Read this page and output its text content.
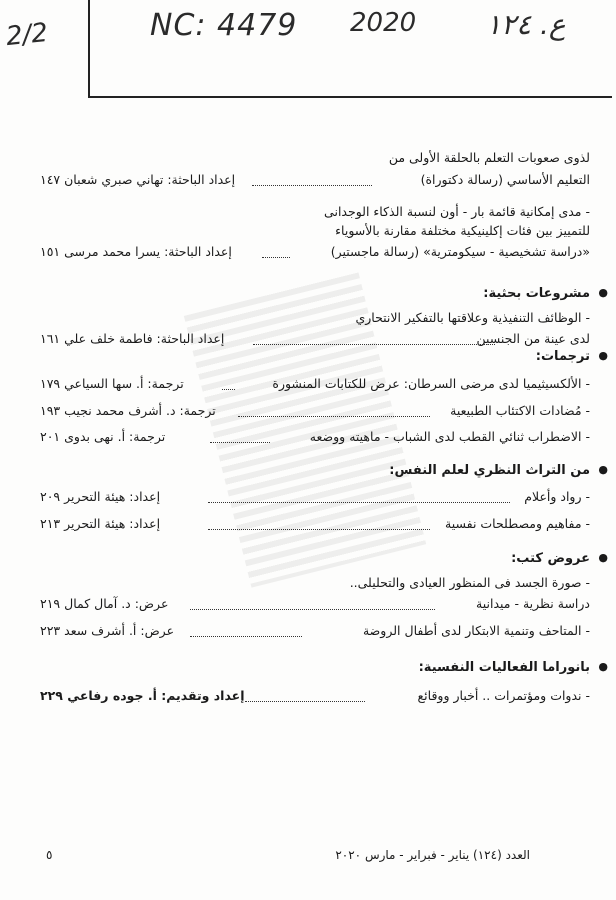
2/2	NC: 4479 2020 ع. ١٢٤
لذوى صعوبات التعلم بالحلقة الأولى من
التعليم الأساسي (رسالة دكتوراة)
إعداد الباحثة: تهاني صبري شعبان ١٤٧
- مدى إمكانية قائمة بار - أون لنسبة الذكاء الوجدانى
للتمييز بين فئات إكلينيكية مختلفة مقارنة بالأسوياء
«دراسة تشخيصية - سيكومترية» (رسالة ماجستير)
إعداد الباحثة: يسرا محمد مرسى ١٥١
●
مشروعات بحثية:
- الوظائف التنفيذية وعلاقتها بالتفكير الانتحاري
لدى عينة من الجنسين
إعداد الباحثة: فاطمة خلف علي ١٦١
●
ترجمات:
- الألكسيثيميا لدى مرضى السرطان: عرض للكتابات المنشورة
ترجمة: أ. سها السياعي ١٧٩
- مُضادات الاكتئاب الطبيعية
ترجمة: د. أشرف محمد نجيب ١٩٣
- الاضطراب ثنائي القطب لدى الشباب - ماهيته ووضعه
ترجمة: أ. نهى بدوى ٢٠١
●
من التراث النظري لعلم النفس:
- رواد وأعلام
إعداد: هيئة التحرير ٢٠٩
- مفاهيم ومصطلحات نفسية
إعداد: هيئة التحرير ٢١٣
●
عروض كتب:
- صورة الجسد فى المنظور العيادى والتحليلى..
دراسة نظرية - ميدانية
عرض: د. آمال كمال ٢١٩
- المتاحف وتنمية الابتكار لدى أطفال الروضة
عرض: أ. أشرف سعد ٢٢٣
●
بانوراما الفعاليات النفسية:
- ندوات ومؤتمرات .. أخبار ووقائع
إعداد وتقديم: أ. جوده رفاعي ٢٢٩
العدد (١٢٤) يناير - فبراير - مارس ٢٠٢٠
٥
